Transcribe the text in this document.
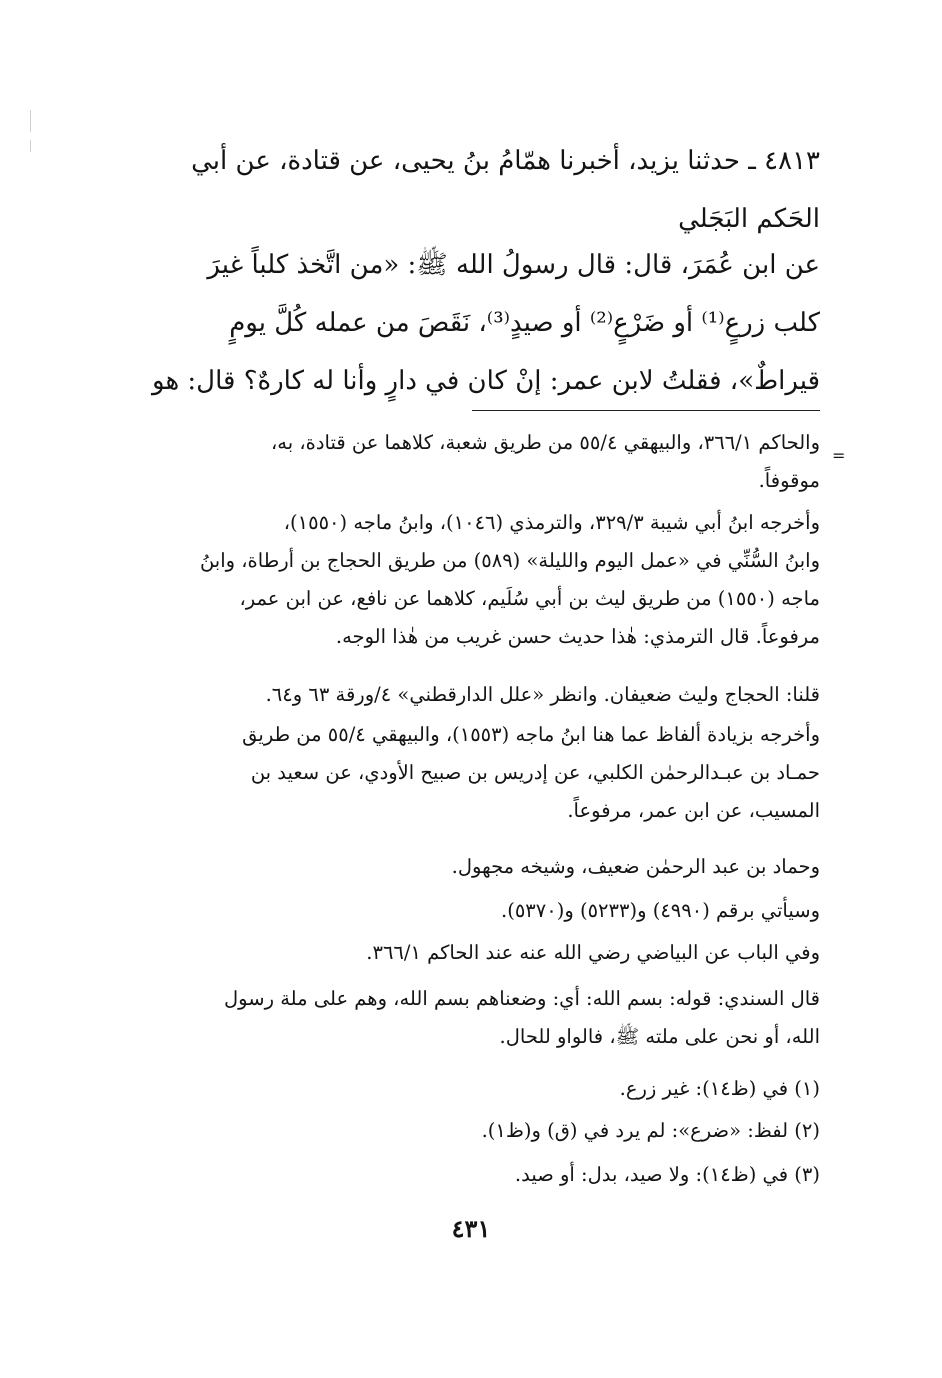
٤٨١٣ ـ حدثنا يزيد، أخبرنا همّامُ بنُ يحيى، عن قتادة، عن أبي
الحَكم البَجَلي

عن ابن عُمَرَ، قال: قال رسولُ الله ﷺ: «من اتَّخذ كلباً غيرَ
كلب زرعٍ⁽¹⁾ أو ضَرْعٍ⁽²⁾ أو صيدٍ⁽³⁾، نَقَصَ من عمله كُلَّ يومٍ
قيراطٌ»، فقلتُ لابن عمر: إنْ كان في دارٍ وأنا له كارهٌ؟ قال: هو

=

والحاكم ٣٦٦/١، والبيهقي ٥٥/٤ من طريق شعبة، كلاهما عن قتادة، به،
موقوفاً.

وأخرجه ابنُ أبي شيبة ٣٢٩/٣، والترمذي (١٠٤٦)، وابنُ ماجه (١٥٥٠)،
وابنُ السُّنِّي في «عمل اليوم والليلة» (٥٨٩) من طريق الحجاج بن أرطاة، وابنُ
ماجه (١٥٥٠) من طريق ليث بن أبي سُلَيم، كلاهما عن نافع، عن ابن عمر،
مرفوعاً. قال الترمذي: هٰذا حديث حسن غريب من هٰذا الوجه.

قلنا: الحجاج وليث ضعيفان. وانظر «علل الدارقطني» ٤/ورقة ٦٣ و٦٤.

وأخرجه بزيادة ألفاظ عما هنا ابنُ ماجه (١٥٥٣)، والبيهقي ٥٥/٤ من طريق
حمـاد بن عبـدالرحمٰن الكلبي، عن إدريس بن صبيح الأودي، عن سعيد بن
المسيب، عن ابن عمر، مرفوعاً.

وحماد بن عبد الرحمٰن ضعيف، وشيخه مجهول.

وسيأتي برقم (٤٩٩٠) و(٥٢٣٣) و(٥٣٧٠).

وفي الباب عن البياضي رضي الله عنه عند الحاكم ٣٦٦/١.

قال السندي: قوله: بسم الله: أي: وضعناهم بسم الله، وهم على ملة رسول
الله، أو نحن على ملته ﷺ، فالواو للحال.

(١) في (ظ١٤): غير زرع.

(٢) لفظ: «ضرع»: لم يرد في (ق) و(ظ١).

(٣) في (ظ١٤): ولا صيد، بدل: أو صيد.

٤٣١
